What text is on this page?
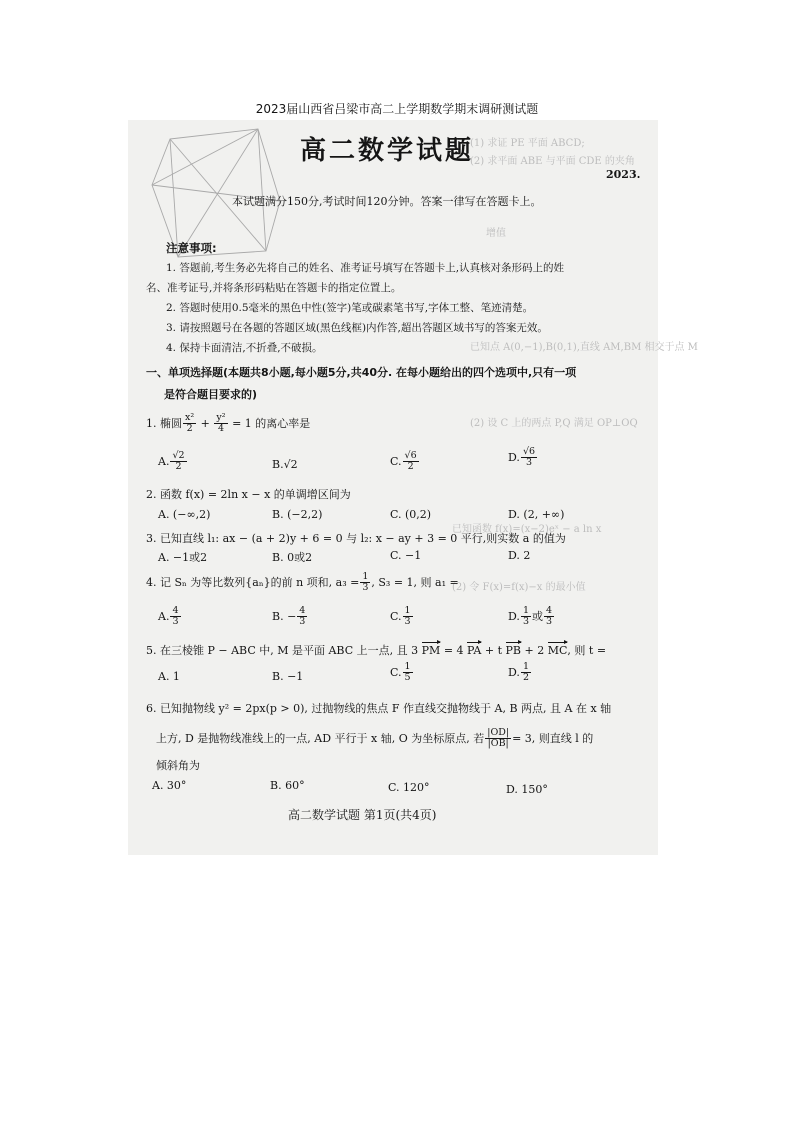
(1) 求证 PE 平面 ABCD;
(2) 求平面 ABE 与平面 CDE 的夹角
增值
已知点 A(0,−1),B(0,1),直线 AM,BM 相交于点 M
(2) 设 C 上的两点 P,Q 满足 OP⊥OQ
已知函数 f(x)=(x−2)eˣ − a ln x
(2) 令 F(x)=f(x)−x 的最小值
2023届山西省吕梁市高二上学期数学期末调研测试题
高二数学试题
2023.
本试题满分150分,考试时间120分钟。答案一律写在答题卡上。
注意事项:
1. 答题前,考生务必先将自己的姓名、准考证号填写在答题卡上,认真核对条形码上的姓
名、准考证号,并将条形码粘贴在答题卡的指定位置上。
2. 答题时使用0.5毫米的黑色中性(签字)笔或碳素笔书写,字体工整、笔迹清楚。
3. 请按照题号在各题的答题区域(黑色线框)内作答,超出答题区域书写的答案无效。
4. 保持卡面清洁,不折叠,不破损。
一、单项选择题(本题共8小题,每小题5分,共40分. 在每小题给出的四个选项中,只有一项
是符合题目要求的)
1. 椭圆 $\frac{\text{x²}}{2} + \frac{\text{y²}}{4} = 1$ 的离心率是
A. $\frac{√2}{2}$	B.√2	C. $\frac{√6}{2}$	D. $\frac{√6}{3}$
2. 函数 f(x) = 2ln x − x 的单调增区间为
A. (−∞,2)	B. (−2,2)	C. (0,2)	D. (2, +∞)
3. 已知直线 l₁: ax − (a + 2)y + 6 = 0 与 l₂: x − ay + 3 = 0 平行,则实数 a 的值为
A. −1或2	B. 0或2	C. −1	D. 2
4. 记 Sₙ 为等比数列{aₙ}的前 n 项和, $a_3 = \frac{1}{3}$ , S₃ = 1, 则 a₁ =
A. $\frac{4}{3}$	B. − $\frac{4}{3}$	C. $\frac{1}{3}$	D. $\frac{1}{3}$ 或 $\frac{4}{3}$
5. 在三棱锥 P − ABC 中, M 是平面 ABC 上一点, 且 3 PM = 4 PA + t PB + 2 MC, 则 t =
A. 1	B. −1	C. $\frac{1}{5}$	D. $\frac{1}{2}$
6. 已知抛物线 y² = 2px(p > 0), 过抛物线的焦点 F 作直线交抛物线于 A, B 两点, 且 A 在 x 轴
上方, D 是抛物线准线上的一点, AD 平行于 x 轴, O 为坐标原点, 若 $\frac{|OD|}{|OB|} = 3$, 则直线 l 的
倾斜角为
A. 30°	B. 60°	C. 120°	D. 150°
高二数学试题 第1页(共4页)
